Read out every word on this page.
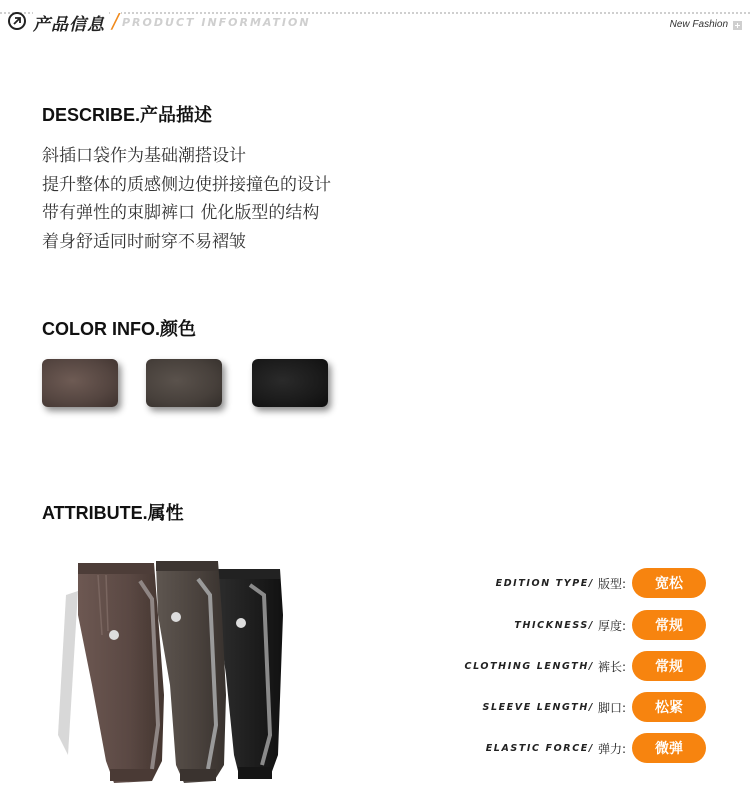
产品信息 / PRODUCT INFORMATION	New Fashion
DESCRIBE.产品描述
斜插口袋作为基础潮搭设计
提升整体的质感侧边使拼接撞色的设计
带有弹性的束脚裤口 优化版型的结构
着身舒适同时耐穿不易褶皱
COLOR INFO.颜色
ATTRIBUTE.属性
EDITION TYPE/ 版型:	宽松
THICKNESS/ 厚度:	常规
CLOTHING LENGTH/ 裤长:	常规
SLEEVE LENGTH/ 脚口:	松紧
ELASTIC FORCE/ 弹力:	微弹
